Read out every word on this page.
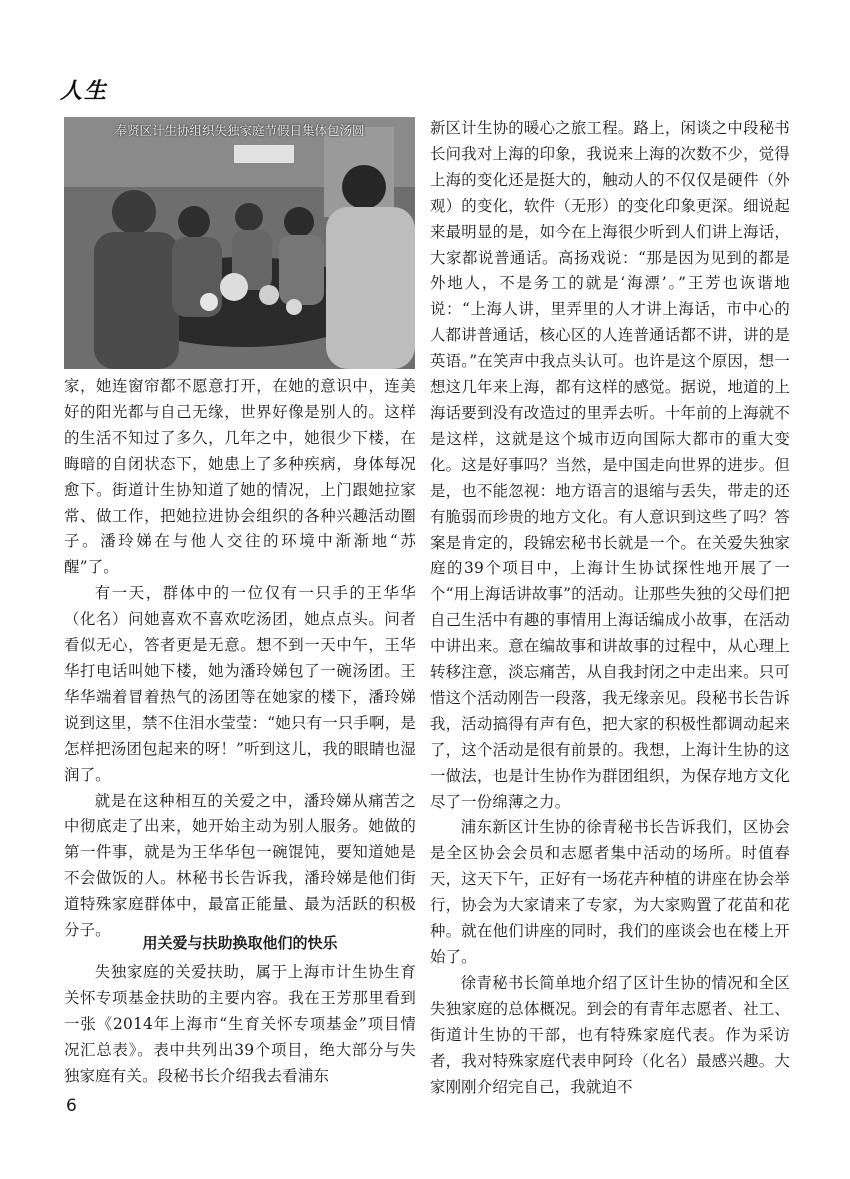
人生
奉贤区计生协组织失独家庭节假日集体包汤圆

家，她连窗帘都不愿意打开，在她的意识中，连美好的阳光都与自己无缘，世界好像是别人的。这样的生活不知过了多久，几年之中，她很少下楼，在晦暗的自闭状态下，她患上了多种疾病，身体每况愈下。街道计生协知道了她的情况，上门跟她拉家常、做工作，把她拉进协会组织的各种兴趣活动圈子。潘玲娣在与他人交往的环境中渐渐地“苏醒”了。

有一天，群体中的一位仅有一只手的王华华（化名）问她喜欢不喜欢吃汤团，她点点头。问者看似无心，答者更是无意。想不到一天中午，王华华打电话叫她下楼，她为潘玲娣包了一碗汤团。王华华端着冒着热气的汤团等在她家的楼下，潘玲娣说到这里，禁不住泪水莹莹：“她只有一只手啊，是怎样把汤团包起来的呀！”听到这儿，我的眼睛也湿润了。

就是在这种相互的关爱之中，潘玲娣从痛苦之中彻底走了出来，她开始主动为别人服务。她做的第一件事，就是为王华华包一碗馄饨，要知道她是不会做饭的人。林秘书长告诉我，潘玲娣是他们街道特殊家庭群体中，最富正能量、最为活跃的积极分子。

用关爱与扶助换取他们的快乐

失独家庭的关爱扶助，属于上海市计生协生育关怀专项基金扶助的主要内容。我在王芳那里看到一张《2014年上海市“生育关怀专项基金”项目情况汇总表》。表中共列出39个项目，绝大部分与失独家庭有关。段秘书长介绍我去看浦东

新区计生协的暖心之旅工程。路上，闲谈之中段秘书长问我对上海的印象，我说来上海的次数不少，觉得上海的变化还是挺大的，触动人的不仅仅是硬件（外观）的变化，软件（无形）的变化印象更深。细说起来最明显的是，如今在上海很少听到人们讲上海话，大家都说普通话。高扬戏说：“那是因为见到的都是外地人，不是务工的就是‘海漂’。”王芳也诙谐地说：“上海人讲，里弄里的人才讲上海话，市中心的人都讲普通话，核心区的人连普通话都不讲，讲的是英语。”在笑声中我点头认可。也许是这个原因，想一想这几年来上海，都有这样的感觉。据说，地道的上海话要到没有改造过的里弄去听。十年前的上海就不是这样，这就是这个城市迈向国际大都市的重大变化。这是好事吗？当然，是中国走向世界的进步。但是，也不能忽视：地方语言的退缩与丢失，带走的还有脆弱而珍贵的地方文化。有人意识到这些了吗？答案是肯定的，段锦宏秘书长就是一个。在关爱失独家庭的39个项目中，上海计生协试探性地开展了一个“用上海话讲故事”的活动。让那些失独的父母们把自己生活中有趣的事情用上海话编成小故事，在活动中讲出来。意在编故事和讲故事的过程中，从心理上转移注意，淡忘痛苦，从自我封闭之中走出来。只可惜这个活动刚告一段落，我无缘亲见。段秘书长告诉我，活动搞得有声有色，把大家的积极性都调动起来了，这个活动是很有前景的。我想，上海计生协的这一做法，也是计生协作为群团组织，为保存地方文化尽了一份绵薄之力。

浦东新区计生协的徐青秘书长告诉我们，区协会是全区协会会员和志愿者集中活动的场所。时值春天，这天下午，正好有一场花卉种植的讲座在协会举行，协会为大家请来了专家，为大家购置了花苗和花种。就在他们讲座的同时，我们的座谈会也在楼上开始了。

徐青秘书长简单地介绍了区计生协的情况和全区失独家庭的总体概况。到会的有青年志愿者、社工、街道计生协的干部，也有特殊家庭代表。作为采访者，我对特殊家庭代表申阿玲（化名）最感兴趣。大家刚刚介绍完自己，我就迫不

6
